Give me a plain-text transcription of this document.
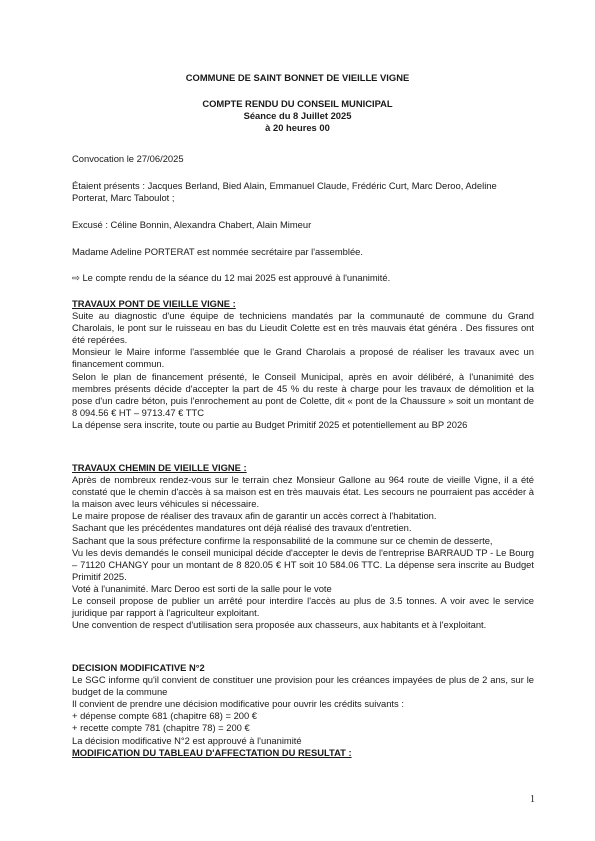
COMMUNE DE SAINT BONNET DE VIEILLE VIGNE
COMPTE RENDU DU CONSEIL MUNICIPAL
Séance du 8 Juillet 2025
à 20 heures 00
Convocation le 27/06/2025
Étaient présents : Jacques Berland, Bied Alain, Emmanuel Claude, Frédéric Curt, Marc Deroo, Adeline Porterat, Marc Taboulot ;
Excusé : Céline Bonnin, Alexandra Chabert, Alain Mimeur
Madame Adeline PORTERAT est nommée secrétaire par l'assemblée.
⇨ Le compte rendu de la séance du 12 mai 2025 est approuvé à l'unanimité.

TRAVAUX PONT DE VIEILLE VIGNE :

Suite au diagnostic d'une équipe de techniciens mandatés par la communauté de commune du Grand Charolais, le pont sur le ruisseau en bas du Lieudit Colette est en très mauvais état généra . Des fissures ont été repérées.

Monsieur le Maire informe l'assemblée que le Grand Charolais a proposé de réaliser les travaux avec un financement commun.

Selon le plan de financement présenté, le Conseil Municipal, après en avoir délibéré, à l'unanimité des membres présents décide d'accepter la part de 45 % du reste à charge pour les travaux de démolition et la pose d'un cadre béton, puis l'enrochement au pont de Colette, dit « pont de la Chaussure » soit un montant de 8 094.56 € HT – 9713.47 € TTC

La dépense sera inscrite, toute ou partie au Budget Primitif 2025 et potentiellement au BP 2026

TRAVAUX CHEMIN DE VIEILLE VIGNE :

Après de nombreux rendez-vous sur le terrain chez Monsieur Gallone au 964 route de vieille Vigne, il a été constaté que le chemin d'accès à sa maison est en très mauvais état. Les secours ne pourraient pas accéder à la maison avec leurs véhicules si nécessaire.

Le maire propose de réaliser des travaux afin de garantir un accès correct à l'habitation.

Sachant que les précédentes mandatures ont déjà réalisé des travaux d'entretien.

Sachant que la sous préfecture confirme la responsabilité de la commune sur ce chemin de desserte,

Vu les devis demandés le conseil municipal décide d'accepter le devis de l'entreprise BARRAUD TP - Le Bourg – 71120 CHANGY pour un montant de 8 820.05 € HT soit 10 584.06 TTC. La dépense sera inscrite au Budget Primitif 2025.

Voté à l'unanimité. Marc Deroo est sorti de la salle pour le vote

Le conseil propose de publier un arrêté pour interdire l'accès au plus de 3.5 tonnes. A voir avec le service juridique par rapport à l'agriculteur exploitant.

Une convention de respect d'utilisation sera proposée aux chasseurs, aux habitants et à l'exploitant.

DECISION MODIFICATIVE N°2

Le SGC informe qu'il convient de constituer une provision pour les créances impayées de plus de 2 ans, sur le budget de la commune

Il convient de prendre une décision modificative pour ouvrir les crédits suivants :

+ dépense compte 681 (chapitre 68) = 200 €

+ recette compte 781 (chapitre 78) = 200 €

La décision modificative N°2 est approuvé à l'unanimité

MODIFICATION DU TABLEAU D'AFFECTATION DU RESULTAT :

1
